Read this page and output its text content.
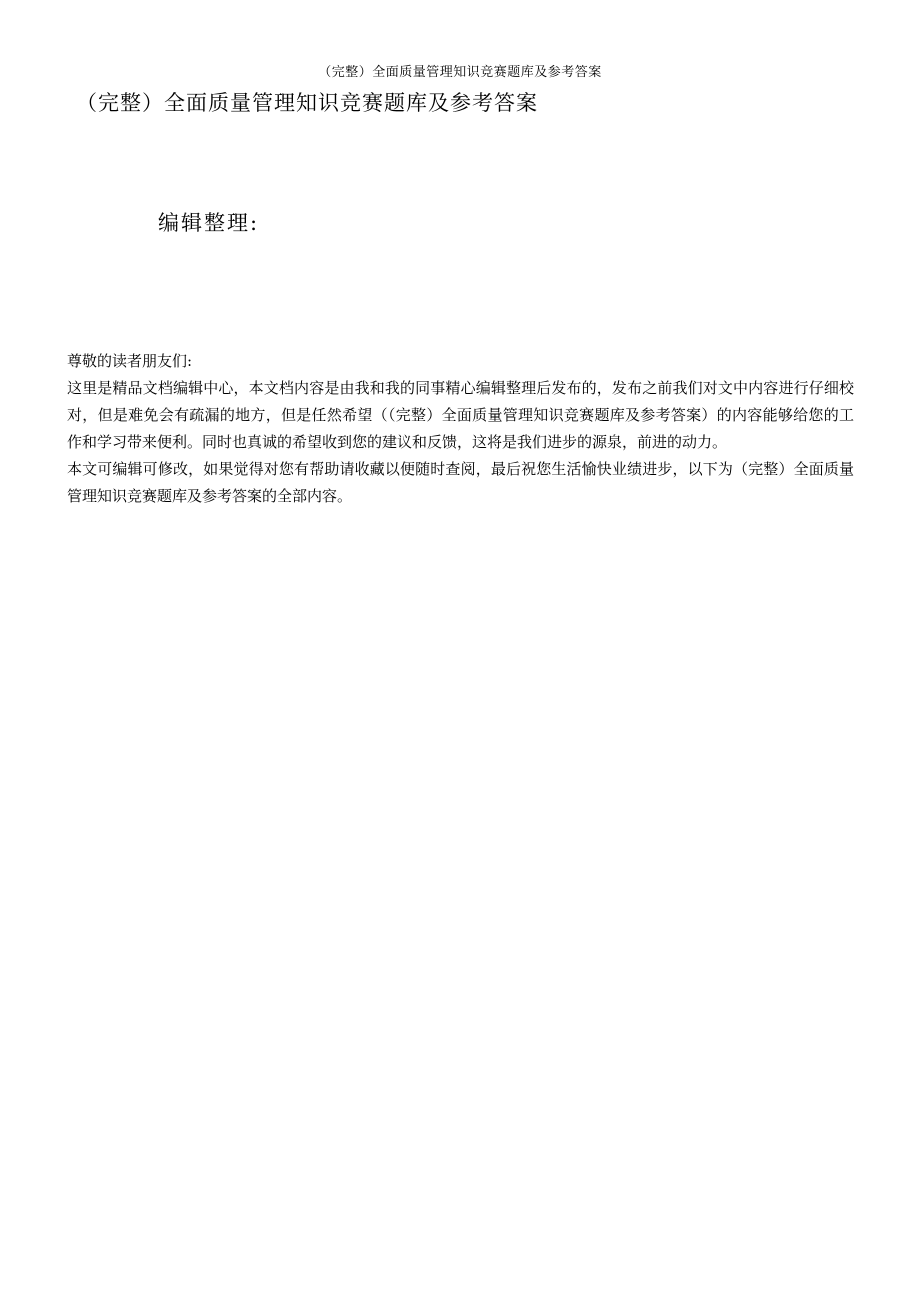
（完整）全面质量管理知识竞赛题库及参考答案
（完整）全面质量管理知识竞赛题库及参考答案
编辑整理:

尊敬的读者朋友们:

这里是精品文档编辑中心，本文档内容是由我和我的同事精心编辑整理后发布的，发布之前我们对文中内容进行仔细校对，但是难免会有疏漏的地方，但是任然希望（（完整）全面质量管理知识竞赛题库及参考答案）的内容能够给您的工作和学习带来便利。同时也真诚的希望收到您的建议和反馈，这将是我们进步的源泉，前进的动力。

本文可编辑可修改，如果觉得对您有帮助请收藏以便随时查阅，最后祝您生活愉快业绩进步，以下为（完整）全面质量管理知识竞赛题库及参考答案的全部内容。
